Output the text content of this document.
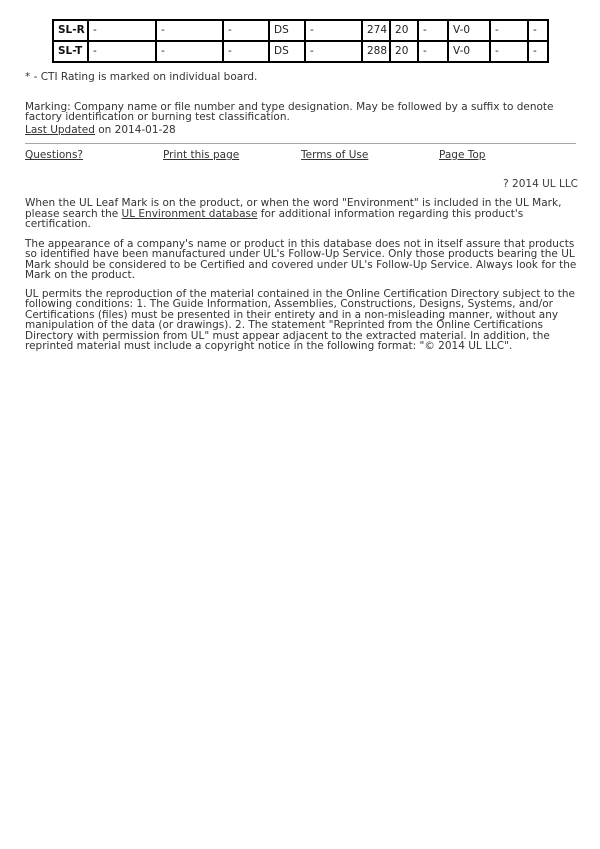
SL-R	-	-	-	DS	-	274	20	-	V-0	-	-
SL-T	-	-	-	DS	-	288	20	-	V-0	-	-
* - CTI Rating is marked on individual board.
Marking: Company name or file number and type designation. May be followed by a suffix to denote factory identification or burning test classification.
Last Updated on 2014-01-28
Questions?	Print this page	Terms of Use	Page Top
? 2014 UL LLC
When the UL Leaf Mark is on the product, or when the word "Environment" is included in the UL Mark, please search the UL Environment database for additional information regarding this product's certification.
The appearance of a company's name or product in this database does not in itself assure that products so identified have been manufactured under UL's Follow-Up Service. Only those products bearing the UL Mark should be considered to be Certified and covered under UL's Follow-Up Service. Always look for the Mark on the product.
UL permits the reproduction of the material contained in the Online Certification Directory subject to the following conditions: 1. The Guide Information, Assemblies, Constructions, Designs, Systems, and/or Certifications (files) must be presented in their entirety and in a non-misleading manner, without any manipulation of the data (or drawings). 2. The statement "Reprinted from the Online Certifications Directory with permission from UL" must appear adjacent to the extracted material. In addition, the reprinted material must include a copyright notice in the following format: "© 2014 UL LLC".
